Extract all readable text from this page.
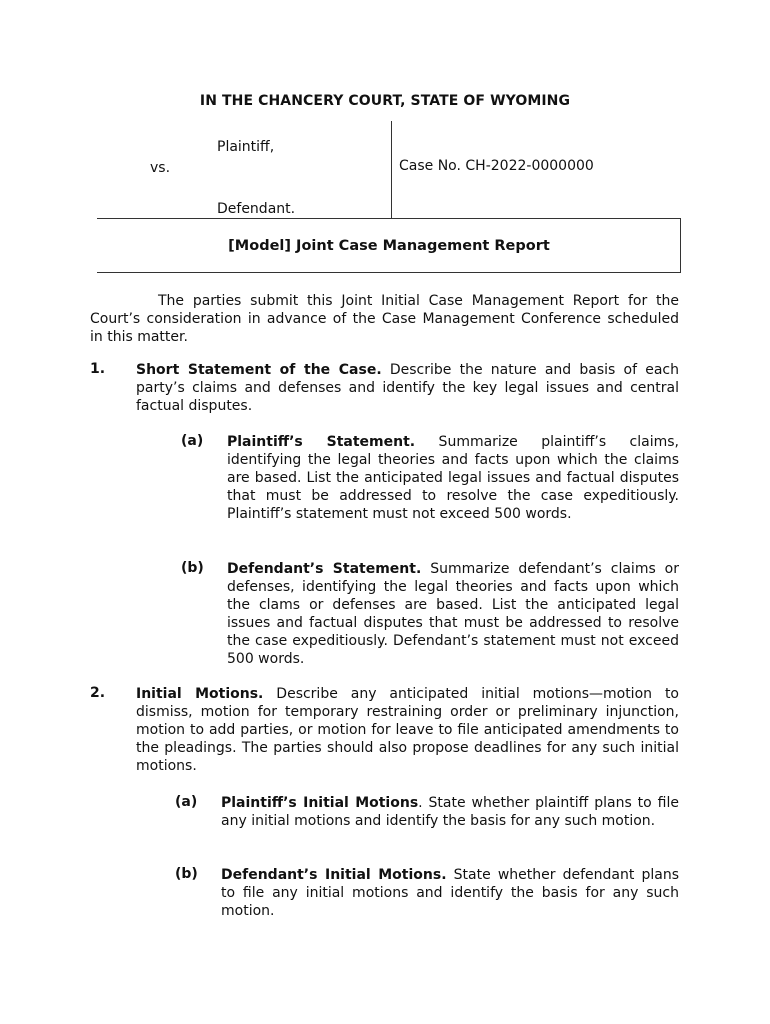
IN THE CHANCERY COURT, STATE OF WYOMING
Plaintiff,
vs.
Defendant.
Case No. CH-2022-0000000
[Model] Joint Case Management Report
The parties submit this Joint Initial Case Management Report for the Court’s consideration in advance of the Case Management Conference scheduled in this matter.
1. Short Statement of the Case. Describe the nature and basis of each party’s claims and defenses and identify the key legal issues and central factual disputes.
(a) Plaintiff’s Statement. Summarize plaintiff’s claims, identifying the legal theories and facts upon which the claims are based. List the anticipated legal issues and factual disputes that must be addressed to resolve the case expeditiously. Plaintiff’s statement must not exceed 500 words.
(b) Defendant’s Statement. Summarize defendant’s claims or defenses, identifying the legal theories and facts upon which the clams or defenses are based. List the anticipated legal issues and factual disputes that must be addressed to resolve the case expeditiously. Defendant’s statement must not exceed 500 words.
2. Initial Motions. Describe any anticipated initial motions—motion to dismiss, motion for temporary restraining order or preliminary injunction, motion to add parties, or motion for leave to file anticipated amendments to the pleadings. The parties should also propose deadlines for any such initial motions.
(a) Plaintiff’s Initial Motions. State whether plaintiff plans to file any initial motions and identify the basis for any such motion.
(b) Defendant’s Initial Motions. State whether defendant plans to file any initial motions and identify the basis for any such motion.
